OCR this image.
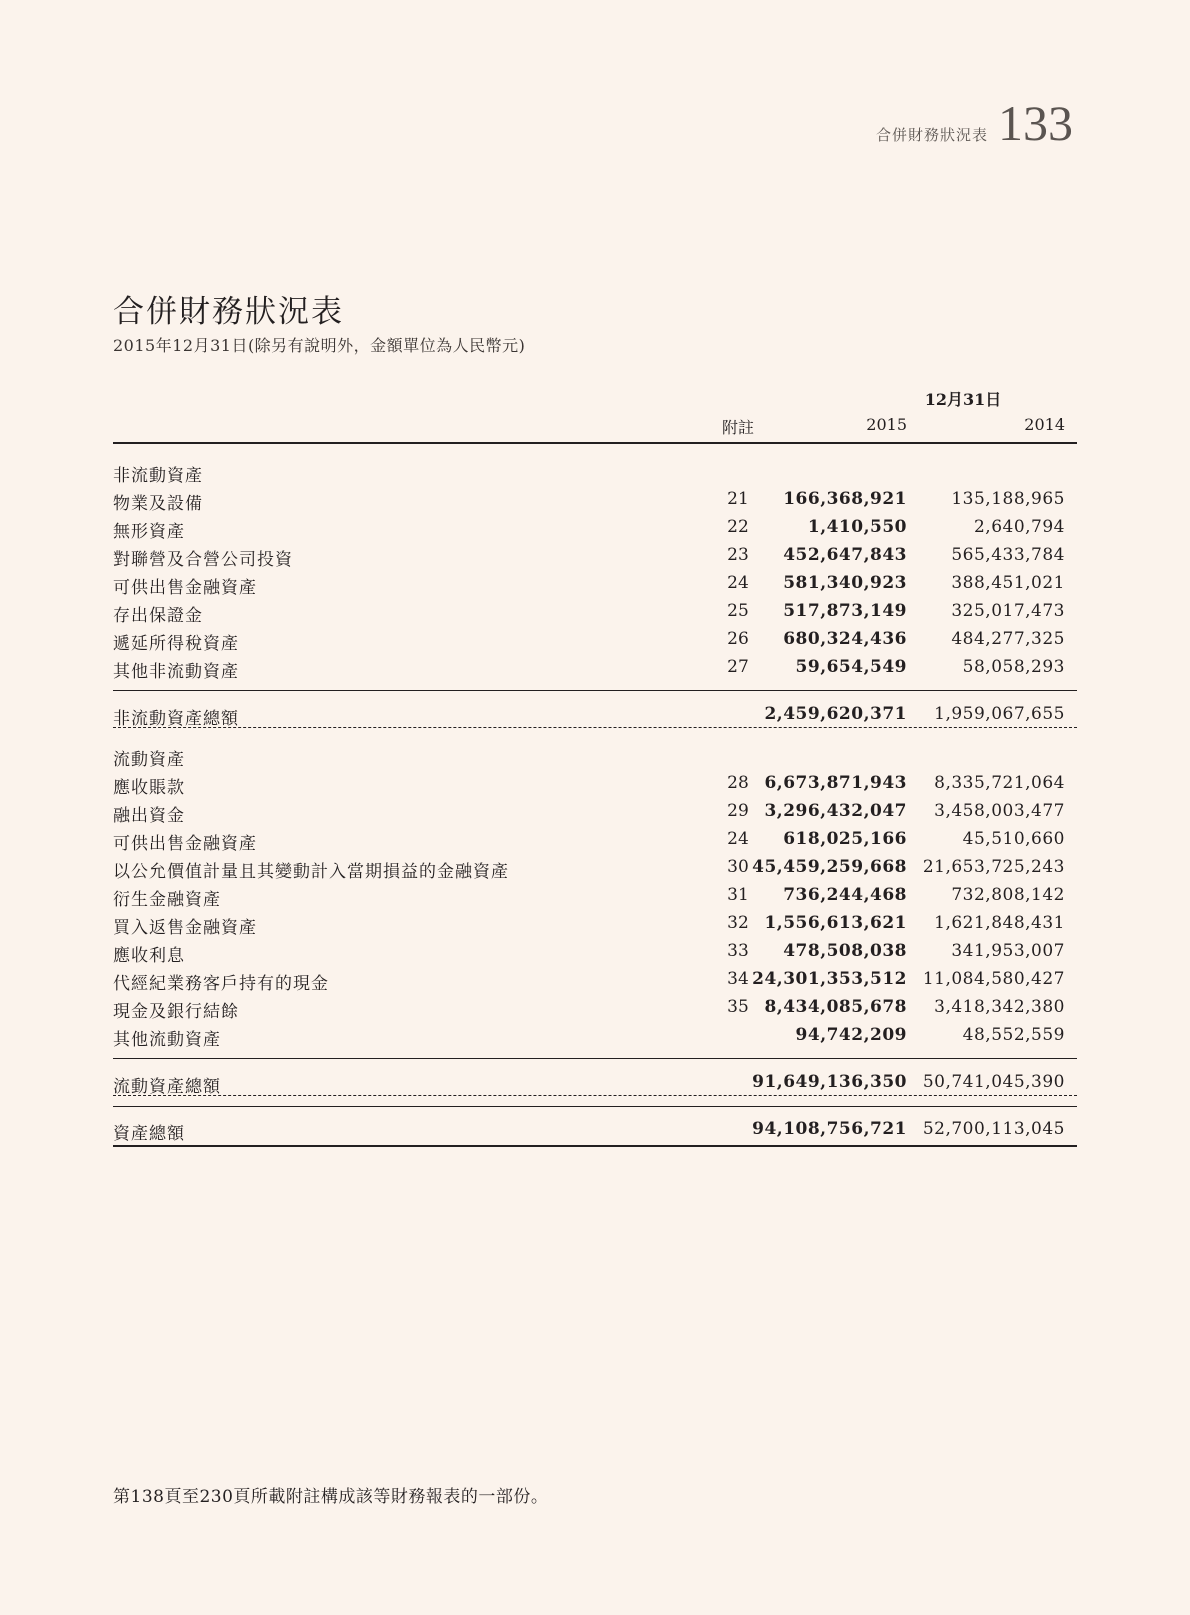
合併財務狀況表 133
合併財務狀況表

2015年12月31日(除另有說明外，金額單位為人民幣元)

12月31日
附註	2015	2014
非流動資產
物業及設備	21	166,368,921	135,188,965
無形資產	22	1,410,550	2,640,794
對聯營及合營公司投資	23	452,647,843	565,433,784
可供出售金融資產	24	581,340,923	388,451,021
存出保證金	25	517,873,149	325,017,473
遞延所得稅資產	26	680,324,436	484,277,325
其他非流動資產	27	59,654,549	58,058,293
非流動資產總額	2,459,620,371 1,959,067,655
流動資產
應收賬款	28 6,673,871,943 8,335,721,064
融出資金	29 3,296,432,047 3,458,003,477
可供出售金融資產	24	618,025,166	45,510,660
以公允價值計量且其變動計入當期損益的金融資產	30 45,459,259,668 21,653,725,243
衍生金融資產	31	736,244,468	732,808,142
買入返售金融資產	32 1,556,613,621 1,621,848,431
應收利息	33	478,508,038	341,953,007
代經紀業務客戶持有的現金	34 24,301,353,512 11,084,580,427
現金及銀行結餘	35 8,434,085,678 3,418,342,380
其他流動資產	94,742,209	48,552,559
流動資產總額	91,649,136,350 50,741,045,390
資產總額	94,108,756,721 52,700,113,045

第138頁至230頁所載附註構成該等財務報表的一部份。
